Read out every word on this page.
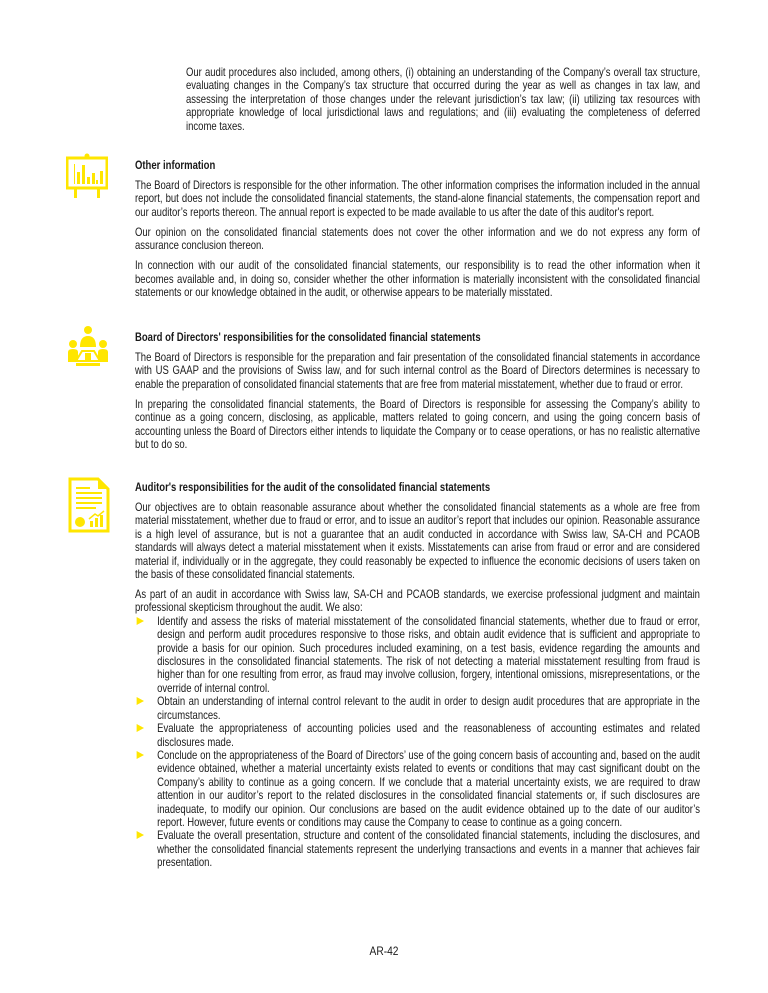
Our audit procedures also included, among others, (i) obtaining an understanding of the Company’s overall tax structure, evaluating changes in the Company’s tax structure that occurred during the year as well as changes in tax law, and assessing the interpretation of those changes under the relevant jurisdiction’s tax law; (ii) utilizing tax resources with appropriate knowledge of local jurisdictional laws and regulations; and (iii) evaluating the completeness of deferred income taxes.

Other information

The Board of Directors is responsible for the other information. The other information comprises the information included in the annual report, but does not include the consolidated financial statements, the stand-alone financial statements, the compensation report and our auditor’s reports thereon. The annual report is expected to be made available to us after the date of this auditor's report.

Our opinion on the consolidated financial statements does not cover the other information and we do not express any form of assurance conclusion thereon.

In connection with our audit of the consolidated financial statements, our responsibility is to read the other information when it becomes available and, in doing so, consider whether the other information is materially inconsistent with the consolidated financial statements or our knowledge obtained in the audit, or otherwise appears to be materially misstated.

Board of Directors' responsibilities for the consolidated financial statements

The Board of Directors is responsible for the preparation and fair presentation of the consolidated financial statements in accordance with US GAAP and the provisions of Swiss law, and for such internal control as the Board of Directors determines is necessary to enable the preparation of consolidated financial statements that are free from material misstatement, whether due to fraud or error.

In preparing the consolidated financial statements, the Board of Directors is responsible for assessing the Company’s ability to continue as a going concern, disclosing, as applicable, matters related to going concern, and using the going concern basis of accounting unless the Board of Directors either intends to liquidate the Company or to cease operations, or has no realistic alternative but to do so.

Auditor's responsibilities for the audit of the consolidated financial statements

Our objectives are to obtain reasonable assurance about whether the consolidated financial statements as a whole are free from material misstatement, whether due to fraud or error, and to issue an auditor’s report that includes our opinion. Reasonable assurance is a high level of assurance, but is not a guarantee that an audit conducted in accordance with Swiss law, SA-CH and PCAOB standards will always detect a material misstatement when it exists. Misstatements can arise from fraud or error and are considered material if, individually or in the aggregate, they could reasonably be expected to influence the economic decisions of users taken on the basis of these consolidated financial statements.

As part of an audit in accordance with Swiss law, SA-CH and PCAOB standards, we exercise professional judgment and maintain professional skepticism throughout the audit. We also:

Identify and assess the risks of material misstatement of the consolidated financial statements, whether due to fraud or error, design and perform audit procedures responsive to those risks, and obtain audit evidence that is sufficient and appropriate to provide a basis for our opinion. Such procedures included examining, on a test basis, evidence regarding the amounts and disclosures in the consolidated financial statements. The risk of not detecting a material misstatement resulting from fraud is higher than for one resulting from error, as fraud may involve collusion, forgery, intentional omissions, misrepresentations, or the override of internal control.
Obtain an understanding of internal control relevant to the audit in order to design audit procedures that are appropriate in the circumstances.
Evaluate the appropriateness of accounting policies used and the reasonableness of accounting estimates and related disclosures made.
Conclude on the appropriateness of the Board of Directors’ use of the going concern basis of accounting and, based on the audit evidence obtained, whether a material uncertainty exists related to events or conditions that may cast significant doubt on the Company’s ability to continue as a going concern. If we conclude that a material uncertainty exists, we are required to draw attention in our auditor’s report to the related disclosures in the consolidated financial statements or, if such disclosures are inadequate, to modify our opinion. Our conclusions are based on the audit evidence obtained up to the date of our auditor’s report. However, future events or conditions may cause the Company to cease to continue as a going concern.
Evaluate the overall presentation, structure and content of the consolidated financial statements, including the disclosures, and whether the consolidated financial statements represent the underlying transactions and events in a manner that achieves fair presentation.
AR-42
